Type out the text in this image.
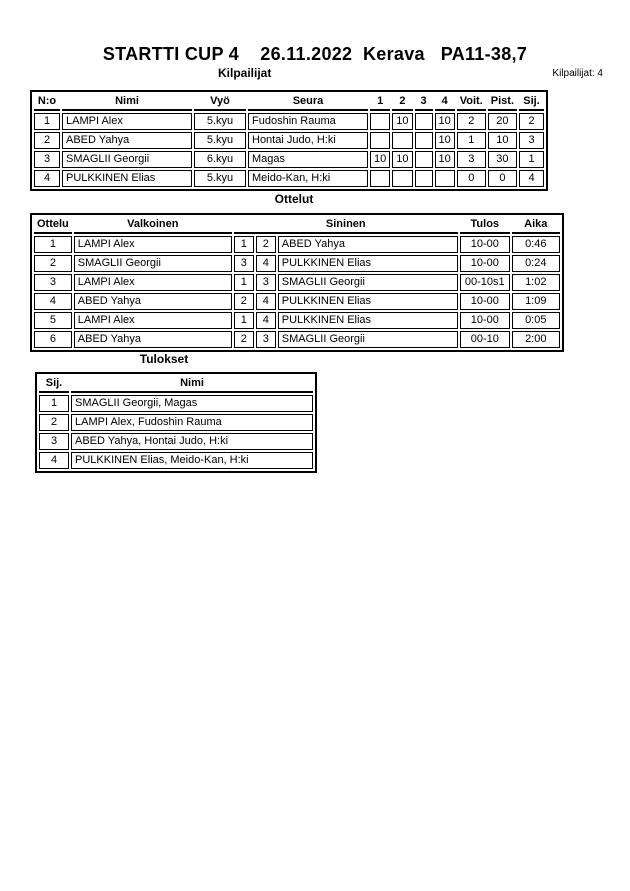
STARTTI CUP 4    26.11.2022  Kerava   PA11-38,7
Kilpailijat	Kilpailijat: 4
N:o	Nimi	Vyö	Seura	1	2	3	4	Voit.	Pist.	Sij.
1	LAMPI Alex	5.kyu	Fudoshin Rauma		10		10	2	20	2
2	ABED Yahya	5.kyu	Hontai Judo, H:ki				10	1	10	3
3	SMAGLII Georgii	6.kyu	Magas	10	10		10	3	30	1
4	PULKKINEN Elias	5.kyu	Meido-Kan, H:ki					0	0	4
Ottelut
Ottelu	Valkoinen	Sininen			Tulos	Aika
1	LAMPI Alex	1	2	ABED Yahya	10-00	0:46
2	SMAGLII Georgii	3	4	PULKKINEN Elias	10-00	0:24
3	LAMPI Alex	1	3	SMAGLII Georgii	00-10s1	1:02
4	ABED Yahya	2	4	PULKKINEN Elias	10-00	1:09
5	LAMPI Alex	1	4	PULKKINEN Elias	10-00	0:05
6	ABED Yahya	2	3	SMAGLII Georgii	00-10	2:00
Tulokset
Sij.	Nimi
1	SMAGLII Georgii, Magas
2	LAMPI Alex, Fudoshin Rauma
3	ABED Yahya, Hontai Judo, H:ki
4	PULKKINEN Elias, Meido-Kan, H:ki
